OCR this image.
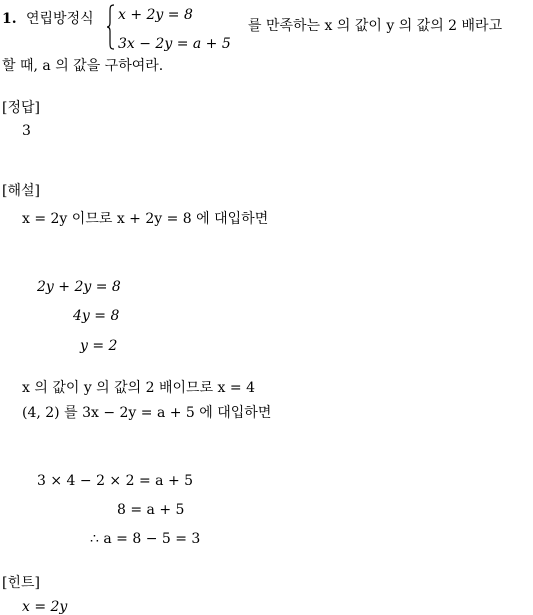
1. 연립방정식 x + 2y = 8
3x − 2y = a + 5
를 만족하는 x 의 값이 y 의 값의 2 배라고
할 때, a 의 값을 구하여라.
[정답]
3
[해설]
x = 2y 이므로 x + 2y = 8 에 대입하면
2y + 2y = 8
4y = 8
y = 2
x 의 값이 y 의 값의 2 배이므로 x = 4
(4, 2) 를 3x − 2y = a + 5 에 대입하면
3 × 4 − 2 × 2 = a + 5
8 = a + 5
∴ a = 8 − 5 = 3
[힌트]
x = 2y
